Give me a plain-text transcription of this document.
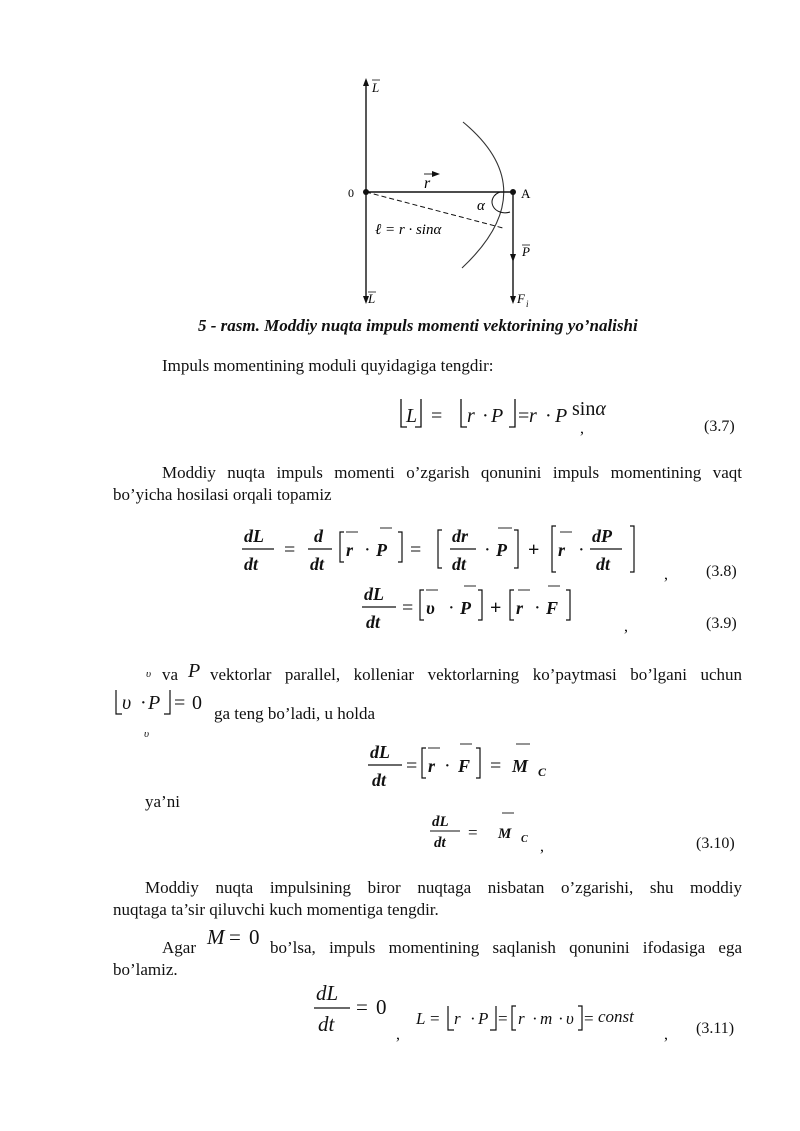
L
L
0
r
α
A
ℓ = r · sinα
P
F i
5 - rasm. Moddiy nuqta impuls momenti vektorining yo’nalishi
Impuls momentining moduli quyidagiga tengdir:
L r P r P
= · = · sinα
,	(3.7)
Moddiy nuqta impuls momenti o’zgarish qonunini impuls momentining vaqt
bo’yicha hosilasi orqali topamiz
dL
dt
d
dt
r P
dr
dt
P	r
dP
dt
=	· =	· + ·
, (3.8)
dL
dt
υ P	r F
= · + ·
,	(3.9)
υ va P vektorlar parallel, kolleniar vektorlarning ko’paytmasi bo’lgani uchun
υ · P = 0 ga teng bo’ladi, u holda
υ
dL
dt
r F M C
= · =
ya’ni
dL
dt
M C
=
,	(3.10)
Moddiy nuqta impulsining biror nuqtaga nisbatan o’zgarishi, shu moddiy
nuqtaga ta’sir qiluvchi kuch momentiga tengdir.
Agar M = 0 bo’lsa, impuls momentining saqlanish qonunini ifodasiga ega
bo’lamiz.
dL
dt
= 0
,
L = r · P = r · m · υ = const
, (3.11)
